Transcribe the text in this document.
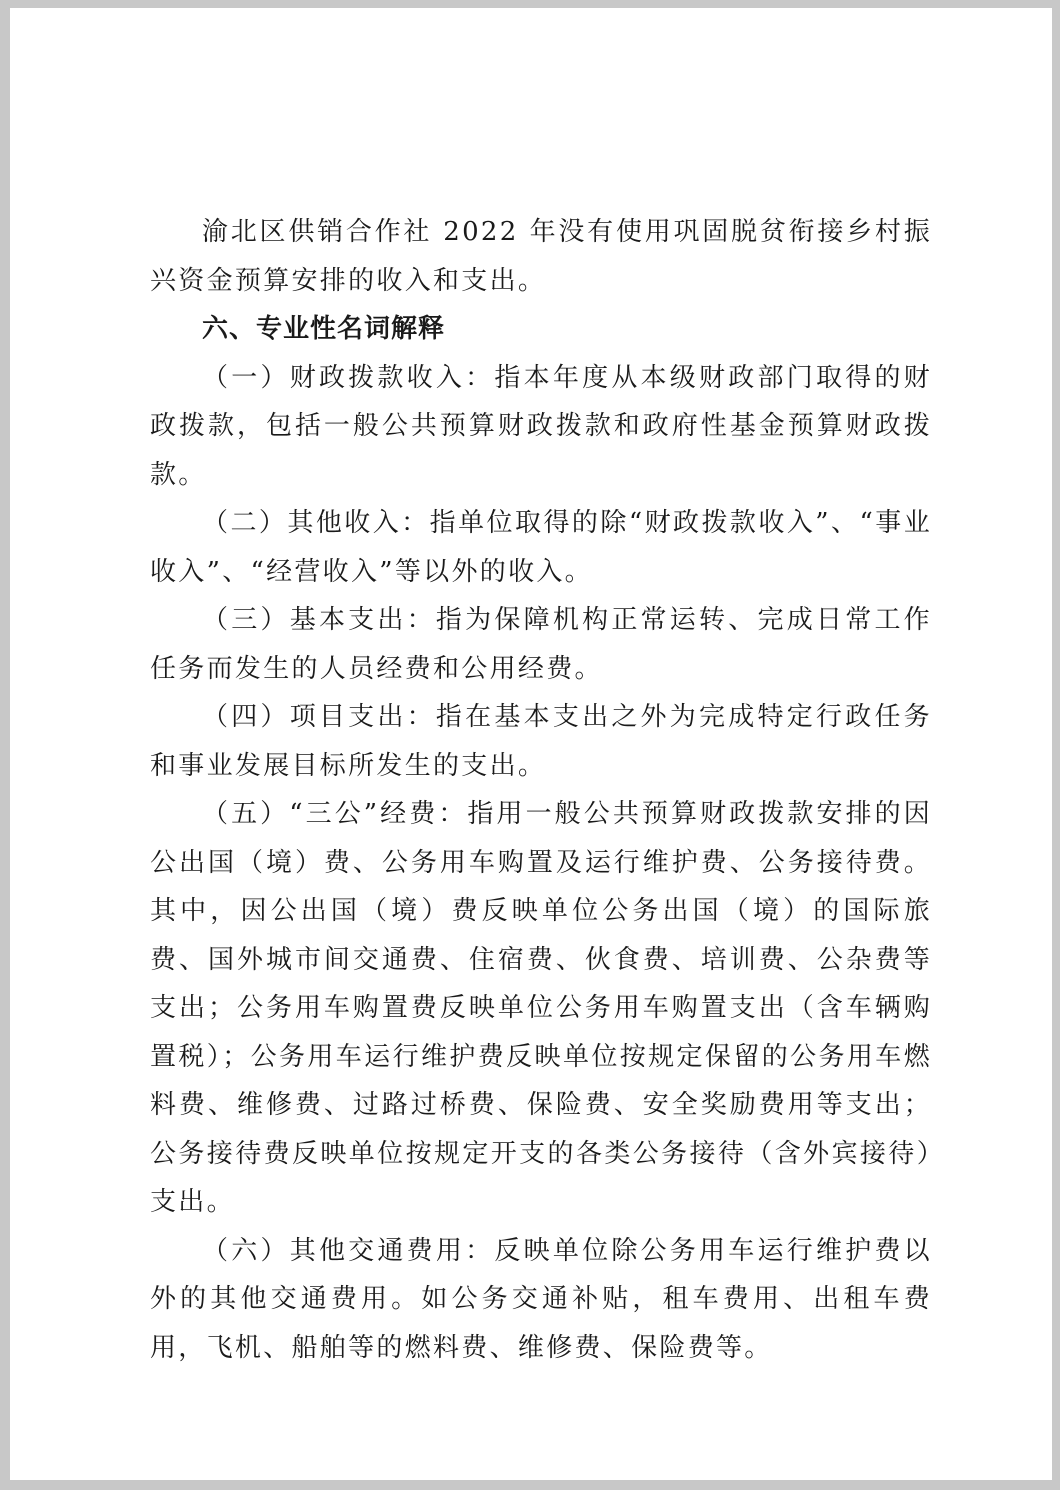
渝北区供销合作社 2022 年没有使用巩固脱贫衔接乡村振兴资金预算安排的收入和支出。

六、专业性名词解释

（一）财政拨款收入：指本年度从本级财政部门取得的财政拨款，包括一般公共预算财政拨款和政府性基金预算财政拨款。

（二）其他收入：指单位取得的除“财政拨款收入”、“事业收入”、“经营收入”等以外的收入。

（三）基本支出：指为保障机构正常运转、完成日常工作任务而发生的人员经费和公用经费。

（四）项目支出：指在基本支出之外为完成特定行政任务和事业发展目标所发生的支出。

（五）“三公”经费：指用一般公共预算财政拨款安排的因公出国（境）费、公务用车购置及运行维护费、公务接待费。其中，因公出国（境）费反映单位公务出国（境）的国际旅费、国外城市间交通费、住宿费、伙食费、培训费、公杂费等支出；公务用车购置费反映单位公务用车购置支出（含车辆购置税）；公务用车运行维护费反映单位按规定保留的公务用车燃料费、维修费、过路过桥费、保险费、安全奖励费用等支出；公务接待费反映单位按规定开支的各类公务接待（含外宾接待）支出。

（六）其他交通费用：反映单位除公务用车运行维护费以外的其他交通费用。如公务交通补贴，租车费用、出租车费用，飞机、船舶等的燃料费、维修费、保险费等。
